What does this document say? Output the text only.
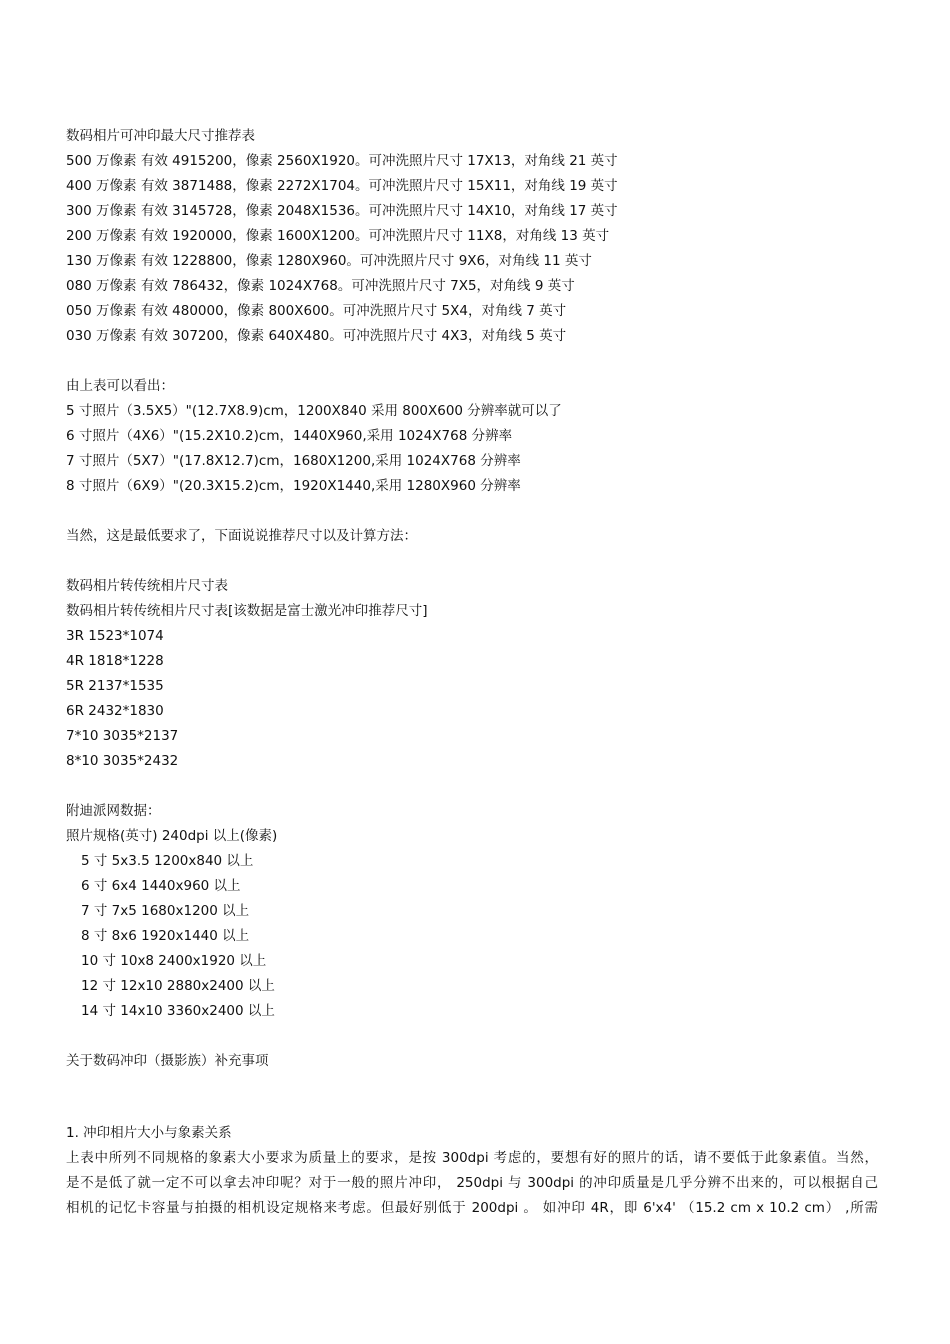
数码相片可冲印最大尺寸推荐表
500 万像素 有效 4915200，像素 2560X1920。可冲洗照片尺寸 17X13，对角线 21 英寸
400 万像素 有效 3871488，像素 2272X1704。可冲洗照片尺寸 15X11，对角线 19 英寸
300 万像素 有效 3145728，像素 2048X1536。可冲洗照片尺寸 14X10，对角线 17 英寸
200 万像素 有效 1920000，像素 1600X1200。可冲洗照片尺寸 11X8，对角线 13 英寸
130 万像素 有效 1228800，像素 1280X960。可冲洗照片尺寸 9X6，对角线 11 英寸
080 万像素 有效 786432，像素 1024X768。可冲洗照片尺寸 7X5，对角线 9 英寸
050 万像素 有效 480000，像素 800X600。可冲洗照片尺寸 5X4，对角线 7 英寸
030 万像素 有效 307200，像素 640X480。可冲洗照片尺寸 4X3，对角线 5 英寸
由上表可以看出：
5 寸照片（3.5X5）"(12.7X8.9)cm，1200X840 采用 800X600 分辨率就可以了
6 寸照片（4X6）"(15.2X10.2)cm，1440X960,采用 1024X768 分辨率
7 寸照片（5X7）"(17.8X12.7)cm，1680X1200,采用 1024X768 分辨率
8 寸照片（6X9）"(20.3X15.2)cm，1920X1440,采用 1280X960 分辨率
当然，这是最低要求了，下面说说推荐尺寸以及计算方法：
数码相片转传统相片尺寸表
数码相片转传统相片尺寸表[该数据是富士激光冲印推荐尺寸]
3R 1523*1074
4R 1818*1228
5R 2137*1535
6R 2432*1830
7*10 3035*2137
8*10 3035*2432
附迪派网数据：
照片规格(英寸) 240dpi 以上(像素)
5 寸 5x3.5 1200x840 以上
6 寸 6x4 1440x960 以上
7 寸 7x5 1680x1200 以上
8 寸 8x6 1920x1440 以上
10 寸 10x8 2400x1920 以上
12 寸 12x10 2880x2400 以上
14 寸 14x10 3360x2400 以上
关于数码冲印（摄影族）补充事项
1. 冲印相片大小与象素关系
上表中所列不同规格的象素大小要求为质量上的要求，是按 300dpi 考虑的，要想有好的照片的话，请不要低于此象素值。当然，
是不是低了就一定不可以拿去冲印呢？对于一般的照片冲印， 250dpi 与 300dpi 的冲印质量是几乎分辨不出来的，可以根据自己
相机的记忆卡容量与拍摄的相机设定规格来考虑。但最好别低于 200dpi 。 如冲印 4R，即 6'x4' （15.2 cm x 10.2 cm） ,所需
